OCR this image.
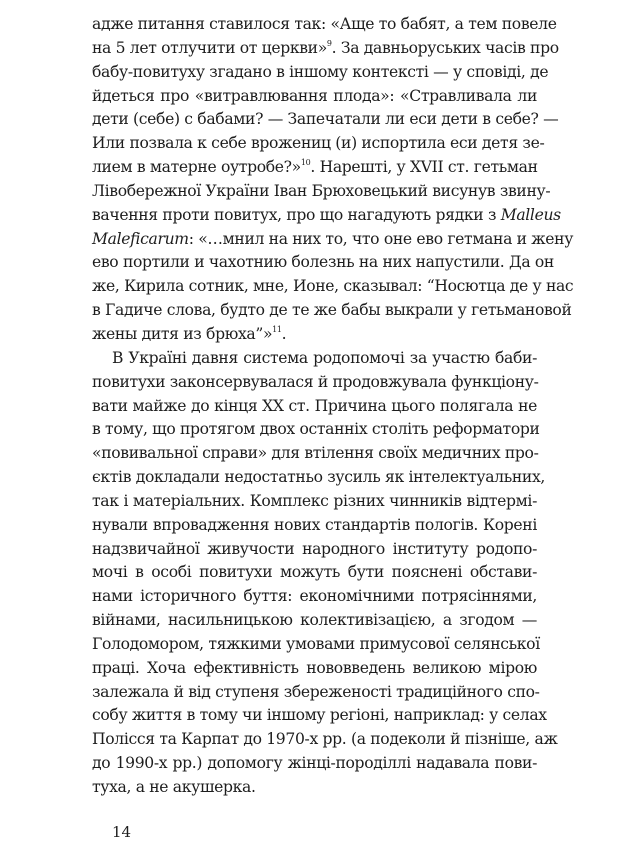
адже питання ставилося так: «Аще то бабят, а тем повеле
на 5 лет отлучити от церкви»$^9$. За давньоруських часів про
бабу-повитуху згадано в іншому контексті — у сповіді, де
йдеться про «витравлювання плода»: «Стравливала ли
дети (себе) с бабами? — Запечатали ли еси дети в себе? —
Или позвала к себе врожениц (и) испортила еси детя зе-
лием в матерне оутробе?»$^{10}$. Нарешті, у XVII ст. гетьман
Лівобережної України Іван Брюховецький висунув звину-
вачення проти повитух, про що нагадують рядки з Malleus
Maleficarum: «…мнил на них то, что оне ево гетмана и жену
ево портили и чахотнию болезнь на них напустили. Да он
же, Кирила сотник, мне, Ионе, сказывал: “Носютца де у нас
в Гадиче слова, будто де те же бабы выкрали у гетьмановой
жены дитя из брюха”»$^{11}$.
В Україні давня система родопомочі за участю баби-
повитухи законсервувалася й продовжувала функціону-
вати майже до кінця XX ст. Причина цього полягала не
в тому, що протягом двох останніх століть реформатори
«повивальної справи» для втілення своїх медичних про-
єктів докладали недостатньо зусиль як інтелектуальних,
так і матеріальних. Комплекс різних чинників відтермі-
нували впровадження нових стандартів пологів. Корені
надзвичайної живучости народного інституту родопо-
мочі в особі повитухи можуть бути пояснені обстави-
нами історичного буття: економічними потрясіннями,
війнами, насильницькою колективізацією, а згодом —
Голодомором, тяжкими умовами примусової селянської
праці. Хоча ефективність нововведень великою мірою
залежала й від ступеня збереженості традиційного спо-
собу життя в тому чи іншому регіоні, наприклад: у селах
Полісся та Карпат до 1970-х рр. (а подеколи й пізніше, аж
до 1990-х рр.) допомогу жінці-породіллі надавала пови-
туха, а не акушерка.
14
